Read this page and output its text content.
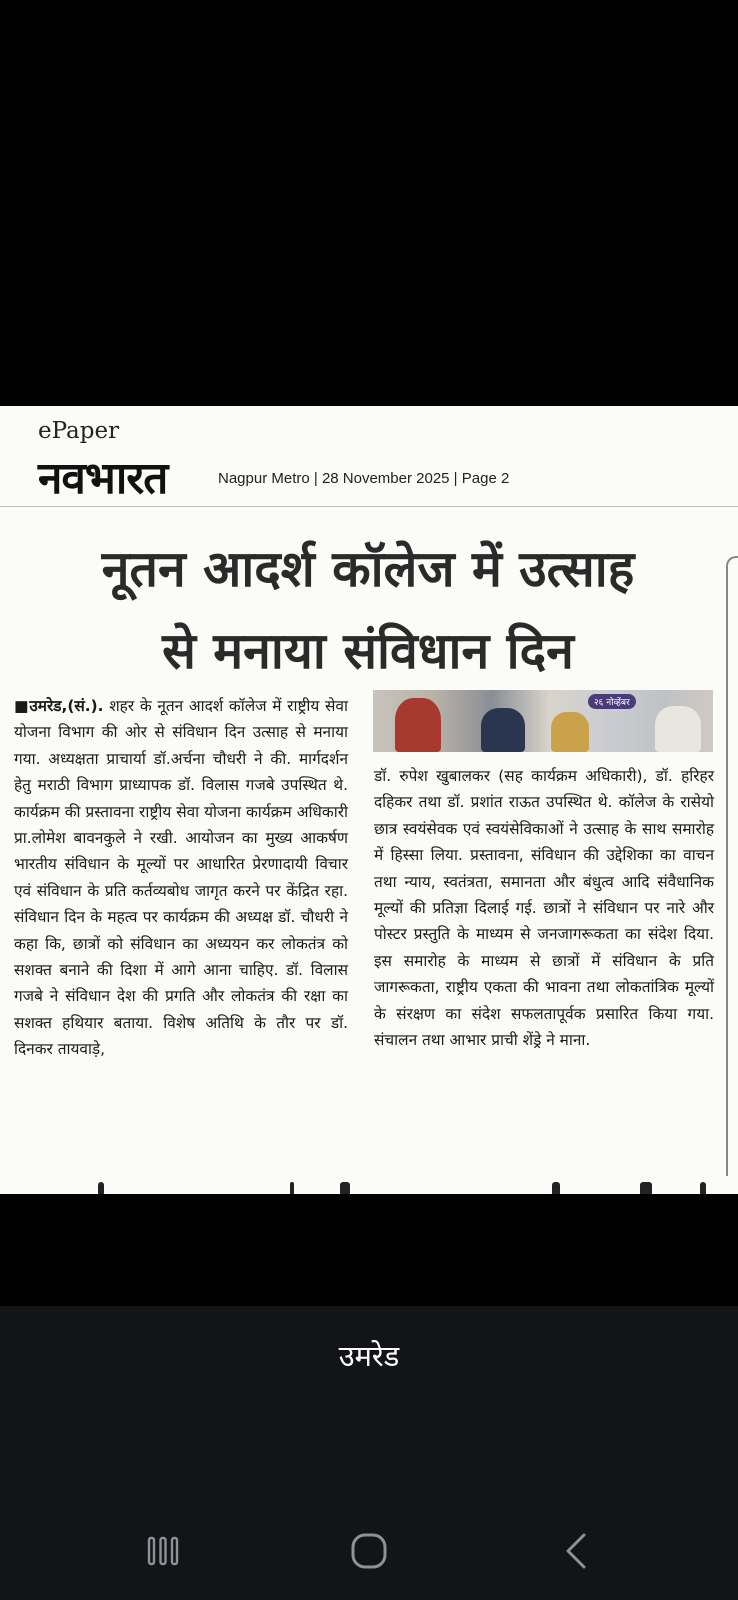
ePaper
नवभारत	Nagpur Metro | 28 November 2025 | Page 2
नूतन आदर्श कॉलेज में उत्साह
से मनाया संविधान दिन
■उमरेड,(सं.). शहर के नूतन आदर्श कॉलेज में राष्ट्रीय सेवा योजना विभाग की ओर से संविधान दिन उत्साह से मनाया गया. अध्यक्षता प्राचार्या डॉ.अर्चना चौधरी ने की. मार्गदर्शन हेतु मराठी विभाग प्राध्यापक डॉ. विलास गजबे उपस्थित थे. कार्यक्रम की प्रस्तावना राष्ट्रीय सेवा योजना कार्यक्रम अधिकारी प्रा.लोमेश बावनकुले ने रखी. आयोजन का मुख्य आकर्षण भारतीय संविधान के मूल्यों पर आधारित प्रेरणादायी विचार एवं संविधान के प्रति कर्तव्यबोध जागृत करने पर केंद्रित रहा. संविधान दिन के महत्व पर कार्यक्रम की अध्यक्ष डॉ. चौधरी ने कहा कि, छात्रों को संविधान का अध्ययन कर लोकतंत्र को सशक्त बनाने की दिशा में आगे आना चाहिए. डॉ. विलास गजबे ने संविधान देश की प्रगति और लोकतंत्र की रक्षा का सशक्त हथियार बताया. विशेष अतिथि के तौर पर डॉ. दिनकर तायवाड़े,
२६ नोव्हेंबर
डॉ. रुपेश खुबालकर (सह कार्यक्रम अधिकारी), डॉ. हरिहर दहिकर तथा डॉ. प्रशांत राऊत उपस्थित थे. कॉलेज के रासेयो छात्र स्वयंसेवक एवं स्वयंसेविकाओं ने उत्साह के साथ समारोह में हिस्सा लिया. प्रस्तावना, संविधान की उद्देशिका का वाचन तथा न्याय, स्वतंत्रता, समानता और बंधुत्व आदि संवैधानिक मूल्यों की प्रतिज्ञा दिलाई गई. छात्रों ने संविधान पर नारे और पोस्टर प्रस्तुति के माध्यम से जनजागरूकता का संदेश दिया. इस समारोह के माध्यम से छात्रों में संविधान के प्रति जागरूकता, राष्ट्रीय एकता की भावना तथा लोकतांत्रिक मूल्यों के संरक्षण का संदेश सफलतापूर्वक प्रसारित किया गया. संचालन तथा आभार प्राची शेंड्रे ने माना.
उमरेड
